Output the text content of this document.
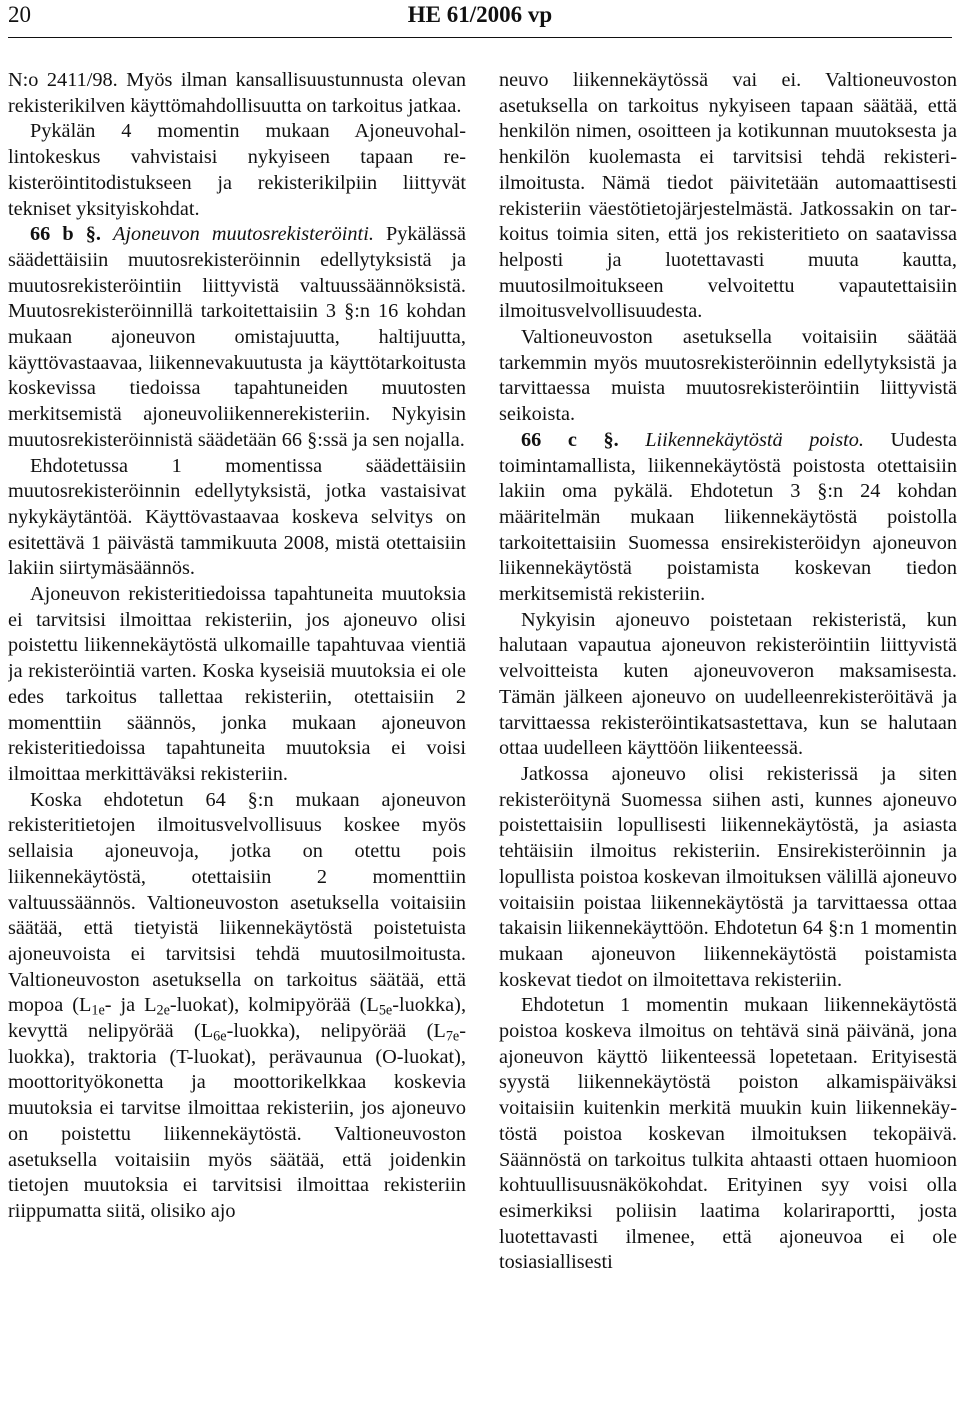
20	HE 61/2006 vp

N:o 2411/98. Myös ilman kansallisuustunnusta olevan rekisterikilven käyttömahdollisuutta on tarkoitus jatkaa.

Pykälän 4 momentin mukaan Ajoneuvohallintokeskus vahvistaisi nykyiseen tapaan rekisteröintitodistukseen ja rekisterikilpiin liittyvät tekniset yksityiskohdat.

66 b §. Ajoneuvon muutosrekisteröinti. Pykälässä säädettäisiin muutosrekisteröinnin edellytyksistä ja muutosrekisteröintiin liittyvistä valtuussäännöksistä. Muutosrekisteröinnillä tarkoitettaisiin 3 §:n 16 kohdan mukaan ajoneuvon omistajuutta, haltijuutta, käyttövastaavaa, liikennevakuutusta ja käyttötarkoitusta koskevissa tiedoissa tapahtuneiden muutosten merkitsemistä ajoneuvoliikennerekisteriin. Nykyisin muutosrekisteröinnistä säädetään 66 §:ssä ja sen nojalla.

Ehdotetussa 1 momentissa säädettäisiin muutosrekisteröinnin edellytyksistä, jotka vastaisivat nykykäytäntöä. Käyttövastaavaa koskeva selvitys on esitettävä 1 päivästä tammikuuta 2008, mistä otettaisiin lakiin siirtymäsäännös.

Ajoneuvon rekisteritiedoissa tapahtuneita muutoksia ei tarvitsisi ilmoittaa rekisteriin, jos ajoneuvo olisi poistettu liikennekäytöstä ulkomaille tapahtuvaa vientiä ja rekisteröintiä varten. Koska kyseisiä muutoksia ei ole edes tarkoitus tallettaa rekisteriin, otettaisiin 2 momenttiin säännös, jonka mukaan ajoneuvon rekisteritiedoissa tapahtuneita muutoksia ei voisi ilmoittaa merkittäväksi rekisteriin.

Koska ehdotetun 64 §:n mukaan ajoneuvon rekisteritietojen ilmoitusvelvollisuus koskee myös sellaisia ajoneuvoja, jotka on otettu pois liikennekäytöstä, otettaisiin 2 momenttiin valtuussäännös. Valtioneuvoston asetuksella voitaisiin säätää, että tietyistä liikennekäytöstä poistetuista ajoneuvoista ei tarvitsisi tehdä muutosilmoitusta. Valtioneuvoston asetuksella on tarkoitus säätää, että mopoa ($L_{1e}-$ ja $L_{2e}-luokat$), kolmipyörää $(L_{5e}-luokka)$, kevyttä nelipyörää $(L_{6e}-luokka)$, nelipyörää $(L_{7e}-luokka)$, traktoria (T-luokat), perävaunua (O-luokat), moottorityökonetta ja moottorikelkkaa koskevia muutoksia ei tarvitse ilmoittaa rekisteriin, jos ajoneuvo on poistettu liikennekäytöstä. Valtioneuvoston asetuksella voitaisiin myös säätää, että joidenkin tietojen muutoksia ei tarvitsisi ilmoittaa rekisteriin riippumatta siitä, olisiko ajo

neuvo liikennekäytössä vai ei. Valtioneuvoston asetuksella on tarkoitus nykyiseen tapaan säätää, että henkilön nimen, osoitteen ja kotikunnan muutoksesta ja henkilön kuolemasta ei tarvitsisi tehdä rekisteri-ilmoitusta. Nämä tiedot päivitetään automaattisesti rekisteriin väestötietojärjestelmästä. Jatkossakin on tarkoitus toimia siten, että jos rekisteritieto on saatavissa helposti ja luotettavasti muuta kautta, muutosilmoitukseen velvoitettu vapautettaisiin ilmoitusvelvollisuudesta.

Valtioneuvoston asetuksella voitaisiin säätää tarkemmin myös muutosrekisteröinnin edellytyksistä ja tarvittaessa muista muutosrekisteröintiin liittyvistä seikoista.

66 c §. Liikennekäytöstä poisto. Uudesta toimintamallista, liikennekäytöstä poistosta otettaisiin lakiin oma pykälä. Ehdotetun 3 §:n 24 kohdan määritelmän mukaan liikennekäytöstä poistolla tarkoitettaisiin Suomessa ensirekisteröidyn ajoneuvon liikennekäytöstä poistamista koskevan tiedon merkitsemistä rekisteriin.

Nykyisin ajoneuvo poistetaan rekisteristä, kun halutaan vapautua ajoneuvon rekisteröintiin liittyvistä velvoitteista kuten ajoneuvoveron maksamisesta. Tämän jälkeen ajoneuvo on uudelleenrekisteröitävä ja tarvittaessa rekisteröintikatsastettava, kun se halutaan ottaa uudelleen käyttöön liikenteessä.

Jatkossa ajoneuvo olisi rekisterissä ja siten rekisteröitynä Suomessa siihen asti, kunnes ajoneuvo poistettaisiin lopullisesti liikennekäytöstä, ja asiasta tehtäisiin ilmoitus rekisteriin. Ensirekisteröinnin ja lopullista poistoa koskevan ilmoituksen välillä ajoneuvo voitaisiin poistaa liikennekäytöstä ja tarvittaessa ottaa takaisin liikennekäyttöön. Ehdotetun 64 §:n 1 momentin mukaan ajoneuvon liikennekäytöstä poistamista koskevat tiedot on ilmoitettava rekisteriin.

Ehdotetun 1 momentin mukaan liikennekäytöstä poistoa koskeva ilmoitus on tehtävä sinä päivänä, jona ajoneuvon käyttö liikenteessä lopetetaan. Erityisestä syystä liikennekäytöstä poiston alkamispäiväksi voitaisiin kuitenkin merkitä muukin kuin liikennekäytöstä poistoa koskevan ilmoituksen tekopäivä. Säännöstä on tarkoitus tulkita ahtaasti ottaen huomioon kohtuullisuusnäkökohdat. Erityinen syy voisi olla esimerkiksi poliisin laatima kolariraportti, josta luotettavasti ilmenee, että ajoneuvoa ei ole tosiasiallisesti
